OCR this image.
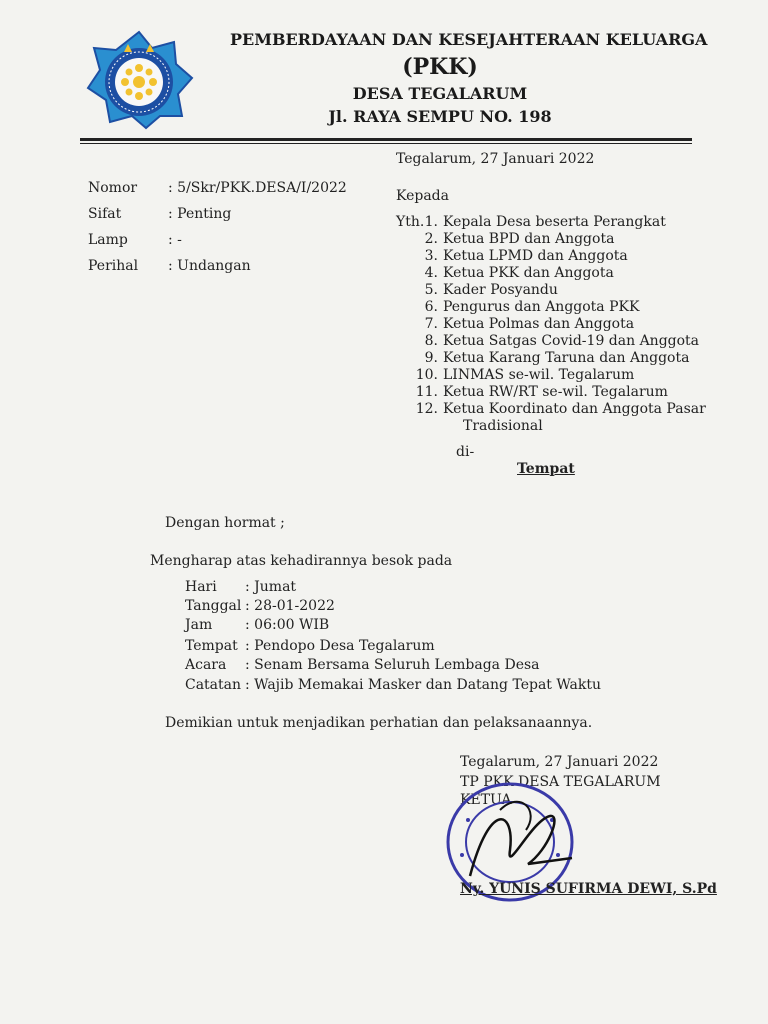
PEMBERDAYAAN DAN KESEJAHTERAAN KELUARGA
(PKK)
DESA TEGALARUM
Jl. RAYA SEMPU NO. 198
Tegalarum, 27 Januari 2022
Nomor : 5/Skr/PKK.DESA/I/2022
Sifat	: Penting
Lamp	: -
Perihal : Undangan
Kepada
Yth. 1. Kepala Desa beserta Perangkat
2. Ketua BPD dan Anggota
3. Ketua LPMD dan Anggota
4. Ketua PKK dan Anggota
5. Kader Posyandu
6. Pengurus dan Anggota PKK
7. Ketua Polmas dan Anggota
8. Ketua Satgas Covid-19 dan Anggota
9. Ketua Karang Taruna dan Anggota
10. LINMAS se-wil. Tegalarum
11. Ketua RW/RT se-wil. Tegalarum
12. Ketua Koordinato dan Anggota Pasar
Tradisional
di-
Tempat
Dengan hormat ;
Mengharap atas kehadirannya besok pada
Hari : Jumat
Tanggal : 28-01-2022
Jam : 06:00 WIB
Tempat : Pendopo Desa Tegalarum
Acara : Senam Bersama Seluruh Lembaga Desa
Catatan : Wajib Memakai Masker dan Datang Tepat Waktu
Demikian untuk menjadikan perhatian dan pelaksanaannya.
Tegalarum, 27 Januari 2022
TP PKK DESA TEGALARUM
KETUA
Ny. YUNIS SUFIRMA DEWI, S.Pd
